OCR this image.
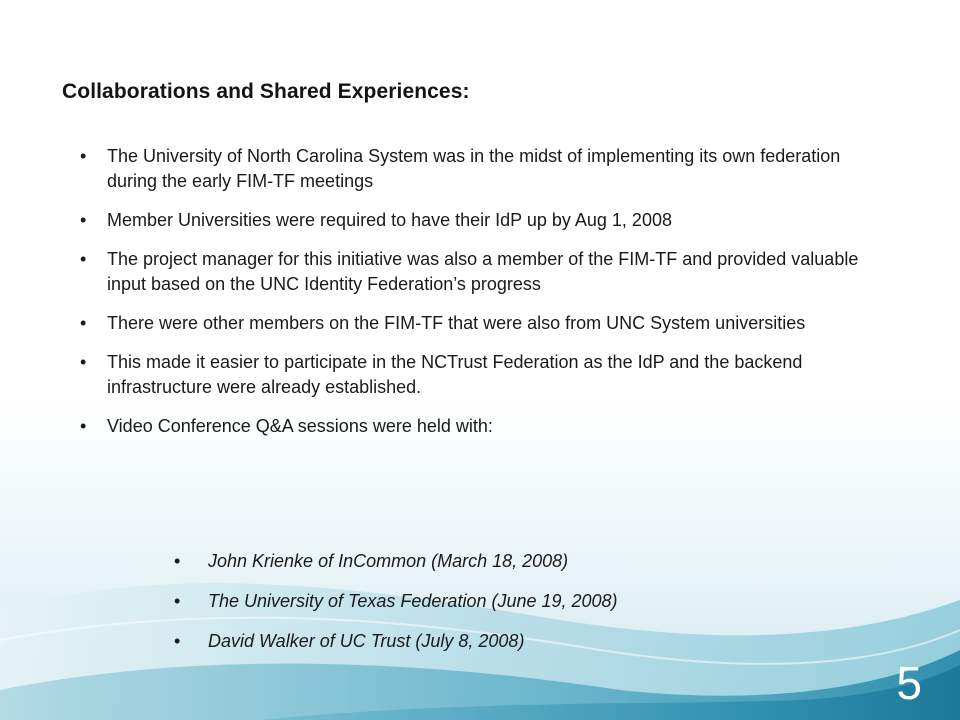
Collaborations and Shared Experiences:
• The University of North Carolina System was in the midst of implementing its own federation during the early FIM-TF meetings
• Member Universities were required to have their IdP up by Aug 1, 2008
• The project manager for this initiative was also a member of the FIM-TF and provided valuable input based on the UNC Identity Federation’s progress
• There were other members on the FIM-TF that were also from UNC System universities
• This made it easier to participate in the NCTrust Federation as the IdP and the backend infrastructure were already established.
• Video Conference Q&A sessions were held with:
• John Krienke of InCommon (March 18, 2008)
• The University of Texas Federation (June 19, 2008)
• David Walker of UC Trust (July 8, 2008)
5
